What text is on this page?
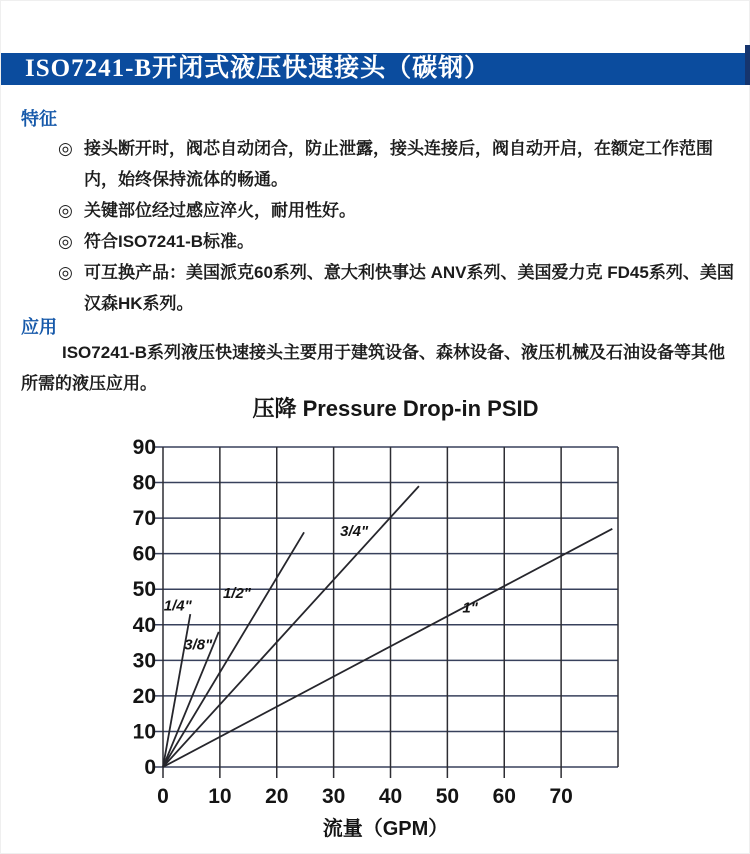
ISO7241-B开闭式液压快速接头（碳钢）
特征
◎ 接头断开时，阀芯自动闭合，防止泄露，接头连接后，阀自动开启，在额定工作范围内，始终保持流体的畅通。
◎ 关键部位经过感应淬火，耐用性好。
◎ 符合ISO7241-B标准。
◎ 可互换产品：美国派克60系列、意大利快事达 ANV系列、美国爱力克 FD45系列、美国汉森HK系列。
应用
ISO7241-B系列液压快速接头主要用于建筑设备、森林设备、液压机械及石油设备等其他所需的液压应用。
压降 Pressure Drop-in PSID
0
10
20
30
40
50
60
70
80
90
0 10 20 30 40 50 60 70
1/4"
3/8"
1/2"
3/4"
1"
流量（GPM）
